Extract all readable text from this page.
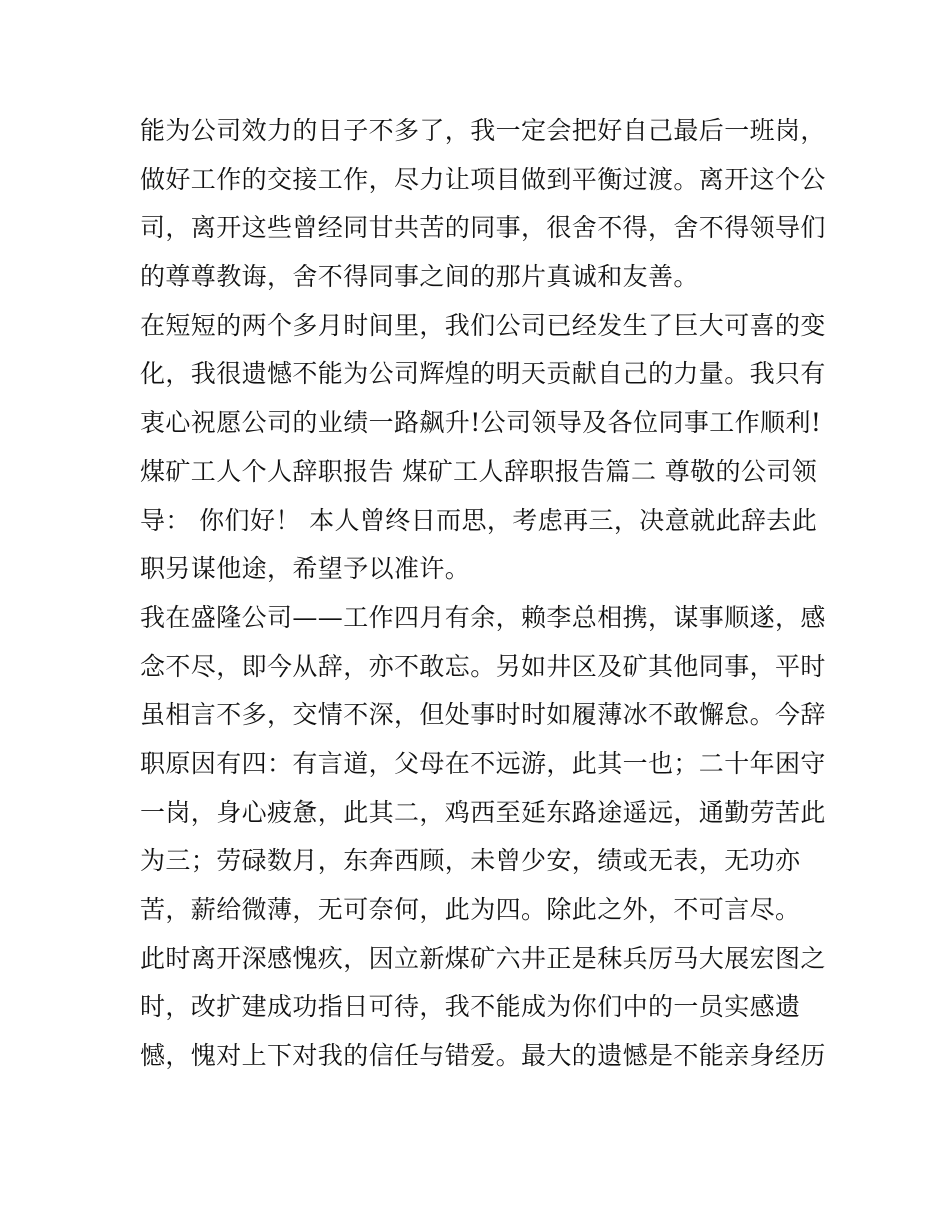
能为公司效力的日子不多了，我一定会把好自己最后一班岗，
做好工作的交接工作，尽力让项目做到平衡过渡。离开这个公
司，离开这些曾经同甘共苦的同事，很舍不得，舍不得领导们
的尊尊教诲，舍不得同事之间的那片真诚和友善。
在短短的两个多月时间里，我们公司已经发生了巨大可喜的变
化，我很遗憾不能为公司辉煌的明天贡献自己的力量。我只有
衷心祝愿公司的业绩一路飙升!公司领导及各位同事工作顺利!
煤矿工人个人辞职报告 煤矿工人辞职报告篇二 尊敬的公司领
导： 你们好！ 本人曾终日而思，考虑再三，决意就此辞去此
职另谋他途，希望予以准许。
我在盛隆公司——工作四月有余，赖李总相携，谋事顺遂，感
念不尽，即今从辞，亦不敢忘。另如井区及矿其他同事，平时
虽相言不多，交情不深，但处事时时如履薄冰不敢懈怠。今辞
职原因有四：有言道，父母在不远游，此其一也；二十年困守
一岗，身心疲惫，此其二，鸡西至延东路途遥远，通勤劳苦此
为三；劳碌数月，东奔西顾，未曾少安，绩或无表，无功亦
苦，薪给微薄，无可奈何，此为四。除此之外，不可言尽。
此时离开深感愧疚，因立新煤矿六井正是秣兵厉马大展宏图之
时，改扩建成功指日可待，我不能成为你们中的一员实感遗
憾，愧对上下对我的信任与错爱。最大的遗憾是不能亲身经历
